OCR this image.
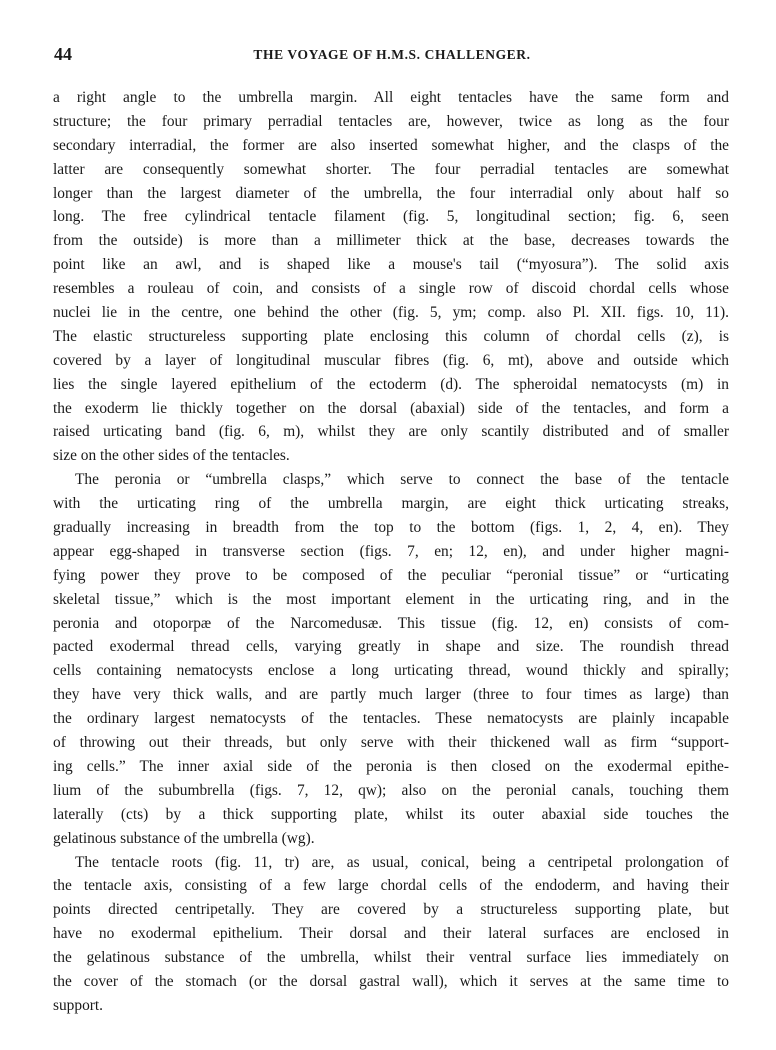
44	THE VOYAGE OF H.M.S. CHALLENGER.

a right angle to the umbrella margin. All eight tentacles have the same form and
structure; the four primary perradial tentacles are, however, twice as long as the four
secondary interradial, the former are also inserted somewhat higher, and the clasps of the
latter are consequently somewhat shorter. The four perradial tentacles are somewhat
longer than the largest diameter of the umbrella, the four interradial only about half so
long. The free cylindrical tentacle filament (fig. 5, longitudinal section; fig. 6, seen
from the outside) is more than a millimeter thick at the base, decreases towards the
point like an awl, and is shaped like a mouse's tail (“myosura”). The solid axis
resembles a rouleau of coin, and consists of a single row of discoid chordal cells whose
nuclei lie in the centre, one behind the other (fig. 5, ym; comp. also Pl. XII. figs. 10, 11).
The elastic structureless supporting plate enclosing this column of chordal cells (z), is
covered by a layer of longitudinal muscular fibres (fig. 6, mt), above and outside which
lies the single layered epithelium of the ectoderm (d). The spheroidal nematocysts (m) in
the exoderm lie thickly together on the dorsal (abaxial) side of the tentacles, and form a
raised urticating band (fig. 6, m), whilst they are only scantily distributed and of smaller
size on the other sides of the tentacles.

The peronia or “umbrella clasps,” which serve to connect the base of the tentacle
with the urticating ring of the umbrella margin, are eight thick urticating streaks,
gradually increasing in breadth from the top to the bottom (figs. 1, 2, 4, en). They
appear egg-shaped in transverse section (figs. 7, en; 12, en), and under higher magni-
fying power they prove to be composed of the peculiar “peronial tissue” or “urticating
skeletal tissue,” which is the most important element in the urticating ring, and in the
peronia and otoporpæ of the Narcomedusæ. This tissue (fig. 12, en) consists of com-
pacted exodermal thread cells, varying greatly in shape and size. The roundish thread
cells containing nematocysts enclose a long urticating thread, wound thickly and spirally;
they have very thick walls, and are partly much larger (three to four times as large) than
the ordinary largest nematocysts of the tentacles. These nematocysts are plainly incapable
of throwing out their threads, but only serve with their thickened wall as firm “support-
ing cells.” The inner axial side of the peronia is then closed on the exodermal epithe-
lium of the subumbrella (figs. 7, 12, qw); also on the peronial canals, touching them
laterally (cts) by a thick supporting plate, whilst its outer abaxial side touches the
gelatinous substance of the umbrella (wg).

The tentacle roots (fig. 11, tr) are, as usual, conical, being a centripetal prolongation of
the tentacle axis, consisting of a few large chordal cells of the endoderm, and having their
points directed centripetally. They are covered by a structureless supporting plate, but
have no exodermal epithelium. Their dorsal and their lateral surfaces are enclosed in
the gelatinous substance of the umbrella, whilst their ventral surface lies immediately on
the cover of the stomach (or the dorsal gastral wall), which it serves at the same time to
support.
